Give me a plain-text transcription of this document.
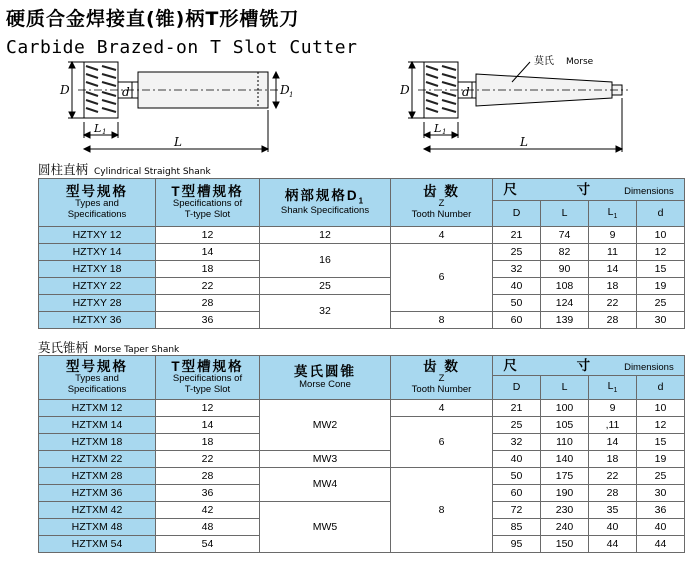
硬质合金焊接直(锥)柄T形槽铣刀
Carbide Brazed-on T Slot Cutter
D	d	D 1
L 1
L
D	d
莫氏 Morse
L 1
L
圆柱直柄 Cylindrical Straight Shank
型号规格
Types and
Specifications	T型槽规格
Specifications of
T-type Slot	柄部规格$D_1$
Shank Specifications	齿 数
Z
Tooth Number	尺 寸 Dimensions			
				D	L	$L_1$	d
HZTXY 12	12	12	4	21	74	9	10
HZTXY 14	14	16	6	25	82	11	12
HZTXY 18	18			32	90	14	15
HZTXY 22	22	25		40	108	18	19
HZTXY 28	28	32		50	124	22	25
HZTXY 36	36		8	60	139	28	30
莫氏锥柄 Morse Taper Shank
型号规格
Types and
Specifications	T型槽规格
Specifications of
T-type Slot	莫氏圆锥
Morse Cone	齿 数
Z
Tooth Number	尺 寸 Dimensions			
				D	L	$L_1$	d
HZTXM 12	12	MW2	4	21	100	9	10
HZTXM 14	14		6	25	105	,11	12
HZTXM 18	18			32	110	14	15
HZTXM 22	22	MW3		40	140	18	19
HZTXM 28	28	MW4	8	50	175	22	25
HZTXM 36	36			60	190	28	30
HZTXM 42	42	MW5		72	230	35	36
HZTXM 48	48			85	240	40	40
HZTXM 54	54			95	150	44	44
